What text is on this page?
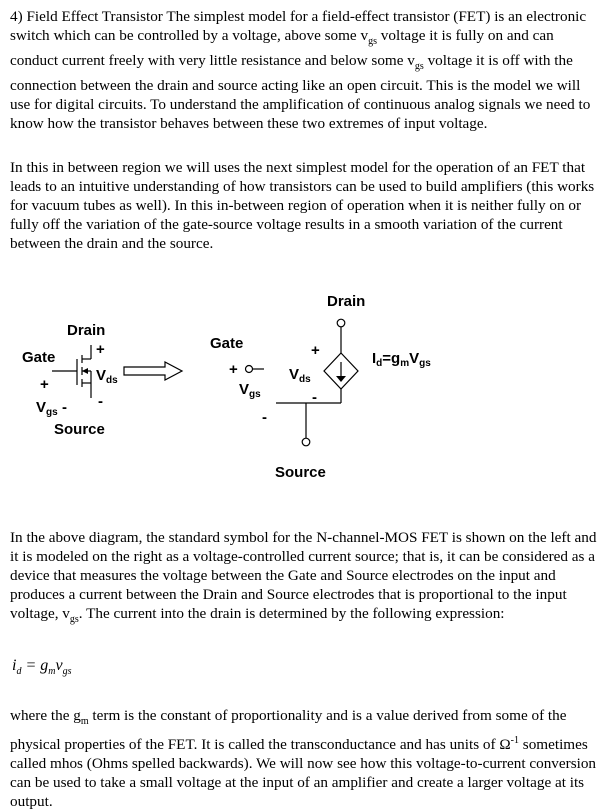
4) Field Effect Transistor The simplest model for a field-effect transistor (FET) is an electronic switch which can be controlled by a voltage, above some $v_{gs}$ voltage it is fully on and can conduct current freely with very little resistance and below some $v_{gs}$ voltage it is off with the connection between the drain and source acting like an open circuit. This is the model we will use for digital circuits. To understand the amplification of continuous analog signals we need to know how the transistor behaves between these two extremes of input voltage.

In this in between region we will uses the next simplest model for the operation of an FET that leads to an intuitive understanding of how transistors can be used to build amplifiers (this works for vacuum tubes as well). In this in-between region of operation when it is neither fully on or fully off the variation of the gate-source voltage results in a smooth variation of the current between the drain and the source.

Drain
Gate
Source
+
$V_{ds}$
-
+
$V_{gs}$ -
Gate
+
$V_{gs}$
-
Drain
Source
+
$V_{ds}$
-
$I_d=g_mV_{gs}$

In the above diagram, the standard symbol for the N-channel-MOS FET is shown on the left and it is modeled on the right as a voltage-controlled current source; that is, it can be considered as a device that measures the voltage between the Gate and Source electrodes on the input and produces a current between the Drain and Source electrodes that is proportional to the input voltage, $v_{gs}$. The current into the drain is determined by the following expression:

$i_d = g_mv_{gs}$

where the $g_m$ term is the constant of proportionality and is a value derived from some of the physical properties of the FET. It is called the transconductance and has units of $\Omega^{-1}$ sometimes called mhos (Ohms spelled backwards). We will now see how this voltage-to-current conversion can be used to take a small voltage at the input of an amplifier and create a larger voltage at its output.
